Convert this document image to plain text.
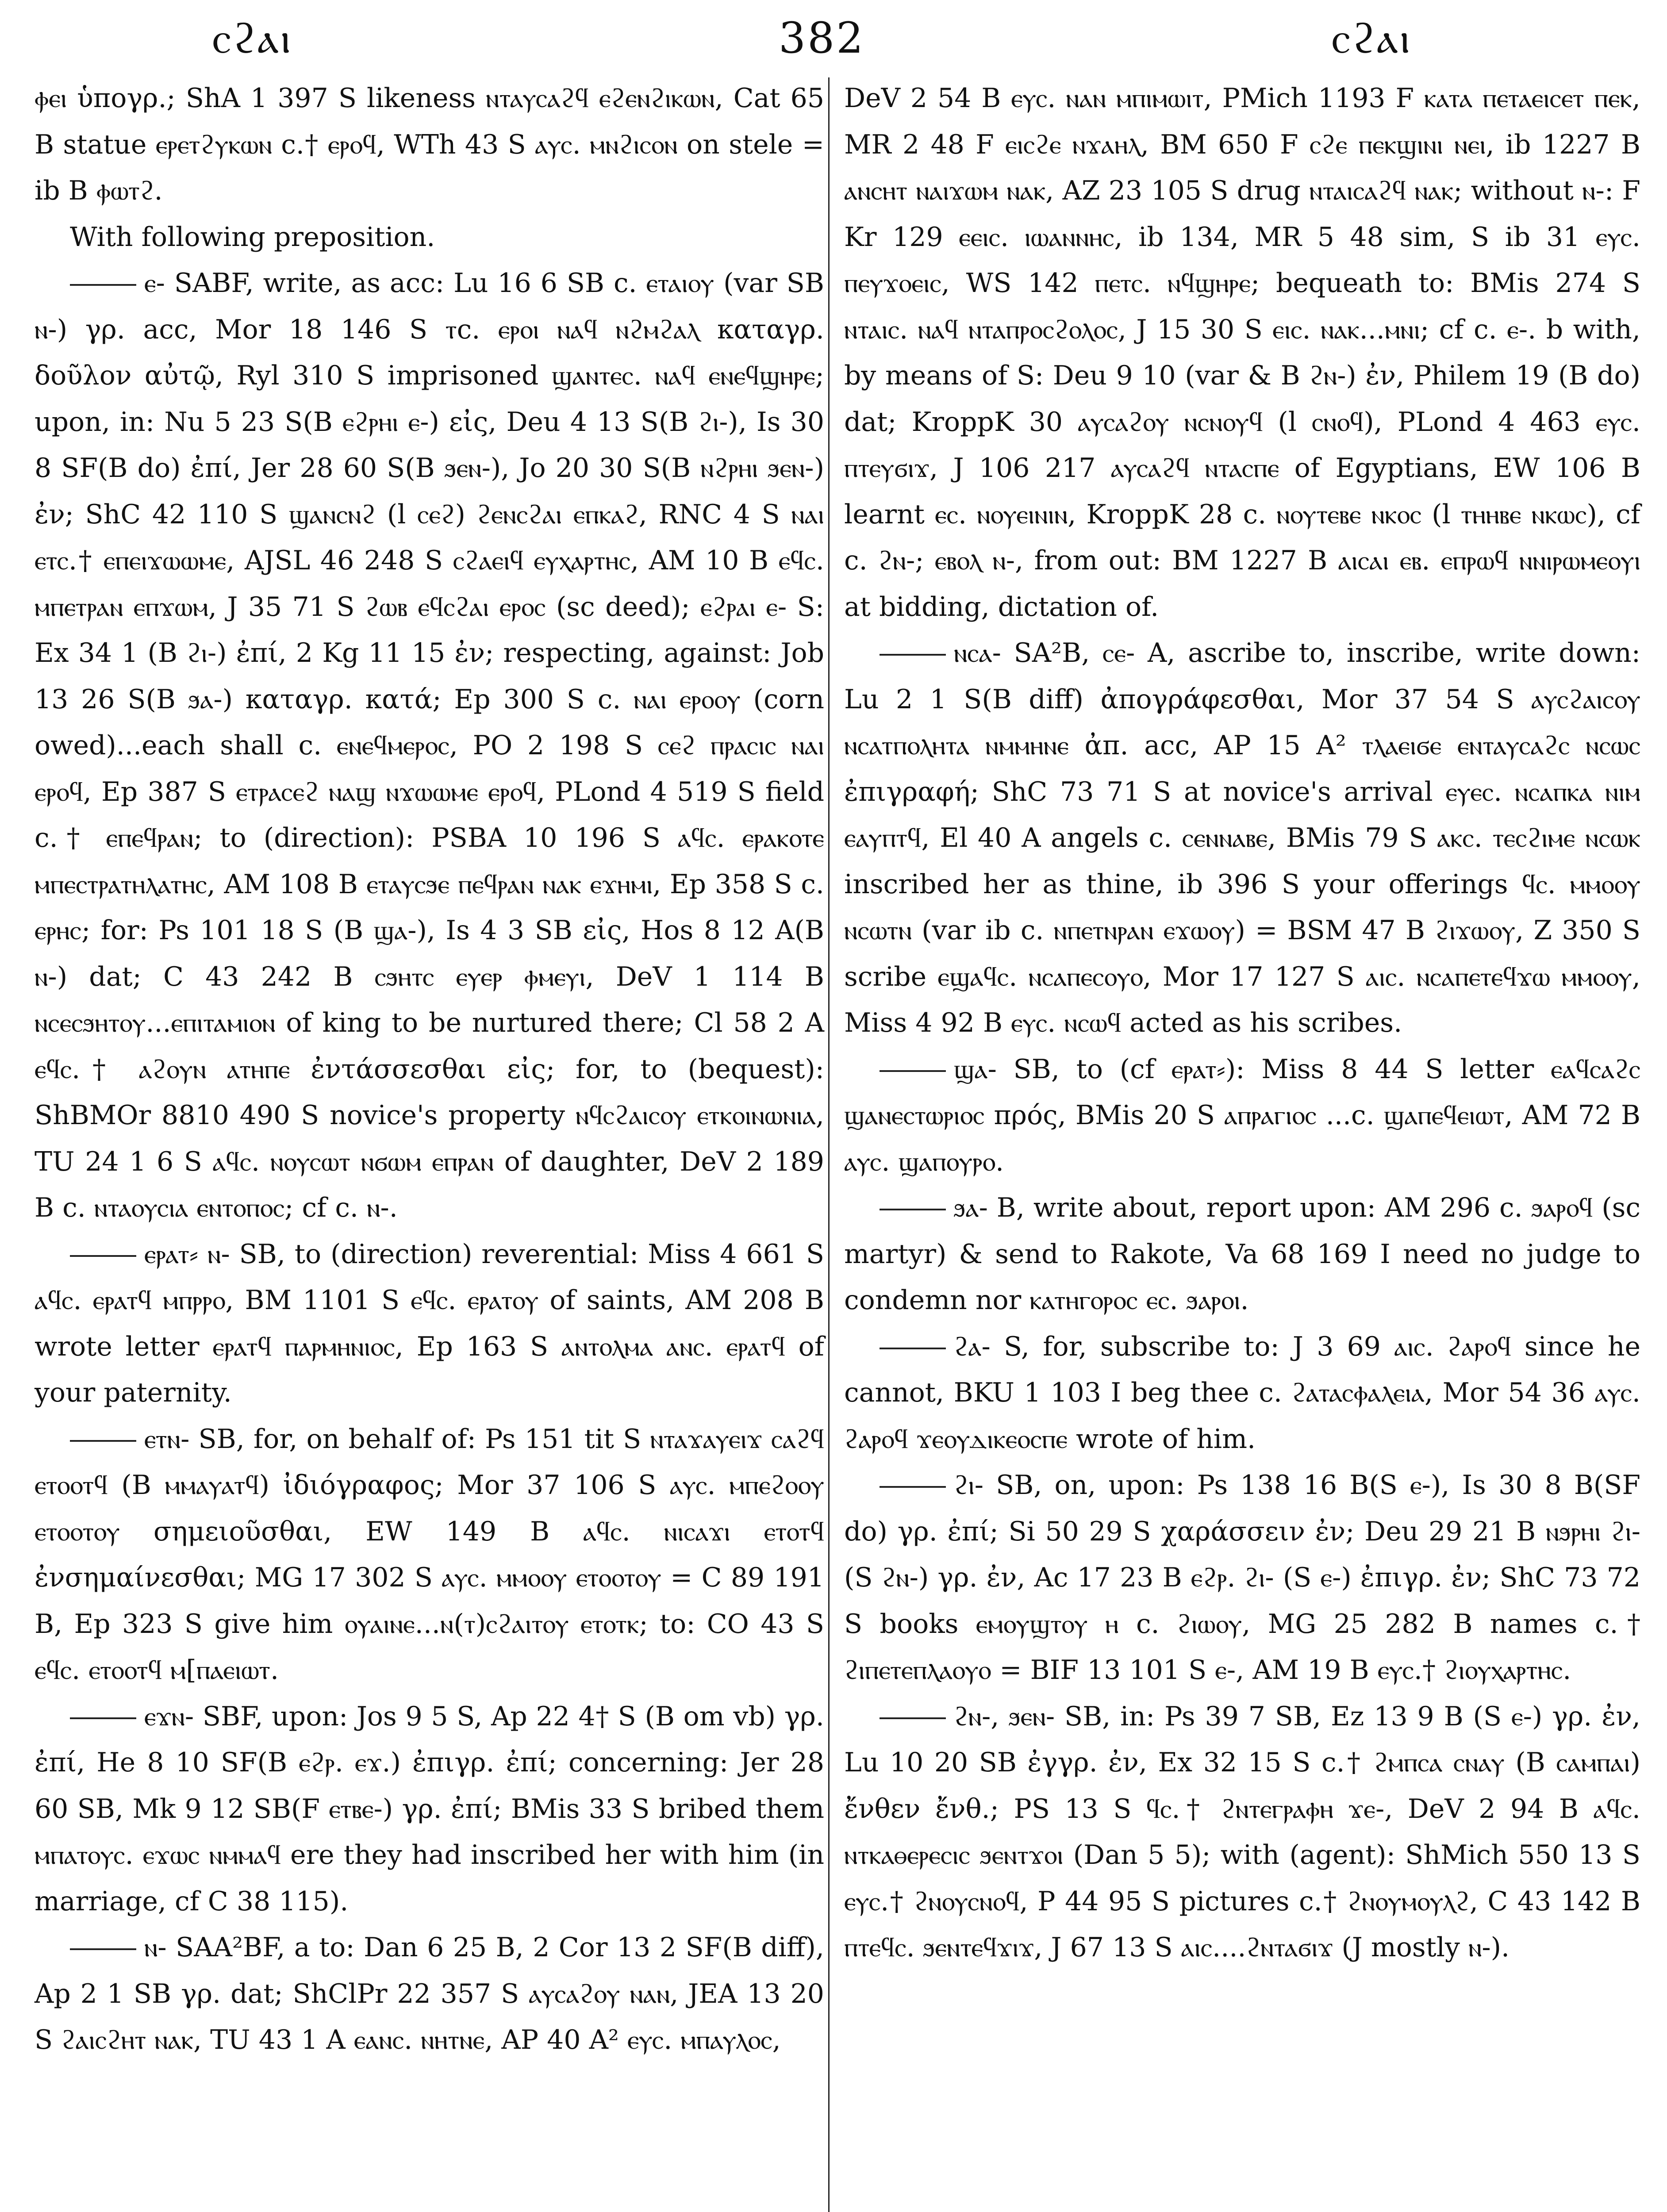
ⲥϩⲁⲓ	382	ⲥϩⲁⲓ

ⲫⲉⲓ ὑπογρ.; ShA 1 397 S likeness ⲛⲧⲁⲩⲥⲁϩϥ ⲉϩⲉⲛϩⲓⲕⲱⲛ, Cat 65 B statue ⲉⲣⲉⲧϩⲩⲕⲱⲛ c.† ⲉⲣⲟϥ, WTh 43 S ⲁⲩⲥ. ⲙⲛϩⲓⲥⲟⲛ on stele = ib B ⲫⲱⲧϩ.

With following preposition.

ⲉ- SABF, write, as acc: Lu 16 6 SB c. ⲉⲧⲁⲓⲟⲩ (var SB ⲛ-) γρ. acc, Mor 18 146 S ⲧc. ⲉⲣⲟⲓ ⲛⲁϥ ⲛϩⲙϩⲁⲗ καταγρ. δοῦλον αὐτῷ, Ryl 310 S imprisoned ϣⲁⲛⲧⲉⲥ. ⲛⲁϥ ⲉⲛⲉϥϣⲏⲣⲉ; upon, in: Nu 5 23 S(B ⲉϩⲣⲏⲓ ⲉ-) εἰς, Deu 4 13 S(B ϩⲓ-), Is 30 8 SF(B do) ἐπί, Jer 28 60 S(B ϧⲉⲛ-), Jo 20 30 S(B ⲛϩⲣⲏⲓ ϧⲉⲛ-) ἐν; ShC 42 110 S ϣⲁⲛⲥⲛϩ (l ⲥⲉϩ) ϩⲉⲛⲥϩⲁⲓ ⲉⲡⲕⲁϩ, RNC 4 S ⲛⲁⲓ ⲉⲧⲥ.† ⲉⲡⲉⲓϫⲱⲱⲙⲉ, AJSL 46 248 S ⲥϩⲁⲉⲓϥ ⲉⲩⲭⲁⲣⲧⲏⲥ, AM 10 B ⲉϥⲥ. ⲙⲡⲉⲧⲣⲁⲛ ⲉⲡϫⲱⲙ, J 35 71 S ϩⲱⲃ ⲉϥⲥϩⲁⲓ ⲉⲣⲟⲥ (sc deed); ⲉϩⲣⲁⲓ ⲉ- S: Ex 34 1 (B ϩⲓ-) ἐπί, 2 Kg 11 15 ἐν; respecting, against: Job 13 26 S(B ϧⲁ-) καταγρ. κατά; Ep 300 S c. ⲛⲁⲓ ⲉⲣⲟⲟⲩ (corn owed)...each shall c. ⲉⲛⲉϥⲙⲉⲣⲟⲥ, PO 2 198 S ⲥⲉϩ ⲡⲣⲁⲥⲓⲥ ⲛⲁⲓ ⲉⲣⲟϥ, Ep 387 S ⲉⲧⲣⲁⲥⲉϩ ⲛⲁϣ ⲛϫⲱⲱⲙⲉ ⲉⲣⲟϥ, PLond 4 519 S field c.† ⲉⲡⲉϥⲣⲁⲛ; to (direction): PSBA 10 196 S ⲁϥⲥ. ⲉⲣⲁⲕⲟⲧⲉ ⲙⲡⲉⲥⲧⲣⲁⲧⲏⲗⲁⲧⲏⲥ, AM 108 B ⲉⲧⲁⲩⲥϧⲉ ⲡⲉϥⲣⲁⲛ ⲛⲁⲕ ⲉϫⲏⲙⲓ, Ep 358 S c. ⲉⲣⲏⲥ; for: Ps 101 18 S (B ϣⲁ-), Is 4 3 SB εἰς, Hos 8 12 A(B ⲛ-) dat; C 43 242 B ⲥϧⲏⲧⲥ ⲉⲩⲉⲣ ⲫⲙⲉⲩⲓ, DeV 1 114 B ⲛⲥⲉⲥϧⲏⲧⲟⲩ...ⲉⲡⲓⲧⲁⲙⲓⲟⲛ of king to be nurtured there; Cl 58 2 A ⲉϥⲥ.† ⲁϩⲟⲩⲛ ⲁⲧⲏⲡⲉ ἐντάσσεσθαι εἰς; for, to (bequest): ShBMOr 8810 490 S novice's property ⲛϥⲥϩⲁⲓⲥⲟⲩ ⲉⲧⲕⲟⲓⲛⲱⲛⲓⲁ, TU 24 1 6 S ⲁϥⲥ. ⲛⲟⲩⲥⲱⲧ ⲛϭⲱⲙ ⲉⲡⲣⲁⲛ of daughter, DeV 2 189 B c. ⲛⲧⲁⲟⲩⲥⲓⲁ ⲉⲛⲧⲟⲡⲟⲥ; cf c. ⲛ-.

ⲉⲣⲁⲧ⸗ ⲛ- SB, to (direction) reverential: Miss 4 661 S ⲁϥⲥ. ⲉⲣⲁⲧϥ ⲙⲡⲣⲣⲟ, BM 1101 S ⲉϥⲥ. ⲉⲣⲁⲧⲟⲩ of saints, AM 208 B wrote letter ⲉⲣⲁⲧϥ ⲡⲁⲣⲙⲏⲛⲓⲟⲥ, Ep 163 S ⲁⲛⲧⲟⲗⲙⲁ ⲁⲛⲥ. ⲉⲣⲁⲧϥ of your paternity.

ⲉⲧⲛ- SB, for, on behalf of: Ps 151 tit S ⲛⲧⲁϫⲁⲩⲉⲓϫ ⲥⲁϩϥ ⲉⲧⲟⲟⲧϥ (B ⲙⲙⲁⲩⲁⲧϥ) ἰδιόγραφος; Mor 37 106 S ⲁⲩⲥ. ⲙⲡⲉϩⲟⲟⲩ ⲉⲧⲟⲟⲧⲟⲩ σημειοῦσθαι, EW 149 B ⲁϥⲥ. ⲛⲓⲥⲁϫⲓ ⲉⲧⲟⲧϥ ἐνσημαίνεσθαι; MG 17 302 S ⲁⲩⲥ. ⲙⲙⲟⲟⲩ ⲉⲧⲟⲟⲧⲟⲩ = C 89 191 B, Ep 323 S give him ⲟⲩⲁⲓⲛⲉ...ⲛ(ⲧ)ⲥϩⲁⲓⲧⲟⲩ ⲉⲧⲟⲧⲕ; to: CO 43 S ⲉϥⲥ. ⲉⲧⲟⲟⲧϥ ⲙ[ⲡⲁⲉⲓⲱⲧ.

ⲉϫⲛ- SBF, upon: Jos 9 5 S, Ap 22 4† S (B om vb) γρ. ἐπί, He 8 10 SF(B ⲉϩⲣ. ⲉϫ.) ἐπιγρ. ἐπί; concerning: Jer 28 60 SB, Mk 9 12 SB(F ⲉⲧⲃⲉ-) γρ. ἐπί; BMis 33 S bribed them ⲙⲡⲁⲧⲟⲩⲥ. ⲉϫⲱⲥ ⲛⲙⲙⲁϥ ere they had inscribed her with him (in marriage, cf C 38 115).

ⲛ- SAA²BF, a to: Dan 6 25 B, 2 Cor 13 2 SF(B diff), Ap 2 1 SB γρ. dat; ShClPr 22 357 S ⲁⲩⲥⲁϩⲟⲩ ⲛⲁⲛ, JEA 13 20 S ϩⲁⲓⲥϩⲏⲧ ⲛⲁⲕ, TU 43 1 A ⲉⲁⲛⲥ. ⲛⲏⲧⲛⲉ, AP 40 A² ⲉⲩⲥ. ⲙⲡⲁⲩⲗⲟⲥ,

DeV 2 54 B ⲉⲩⲥ. ⲛⲁⲛ ⲙⲡⲓⲙⲱⲓⲧ, PMich 1193 F ⲕⲁⲧⲁ ⲡⲉⲧⲁⲉⲓⲥⲉⲧ ⲡⲉⲕ, MR 2 48 F ⲉⲓⲥϩⲉ ⲛϫⲁⲏⲗ, BM 650 F ⲥϩⲉ ⲡⲉⲕϣⲓⲛⲓ ⲛⲉⲓ, ib 1227 B ⲁⲛⲥⲏⲧ ⲛⲁⲓϫⲱⲙ ⲛⲁⲕ, AZ 23 105 S drug ⲛⲧⲁⲓⲥⲁϩϥ ⲛⲁⲕ; without ⲛ-: F Kr 129 ⲉⲉⲓⲥ. ⲓⲱⲁⲛⲛⲏⲥ, ib 134, MR 5 48 sim, S ib 31 ⲉⲩⲥ. ⲡⲉⲩϫⲟⲉⲓⲥ, WS 142 ⲡⲉⲧⲥ. ⲛϥϣⲏⲣⲉ; bequeath to: BMis 274 S ⲛⲧⲁⲓⲥ. ⲛⲁϥ ⲛⲧⲁⲡⲣⲟⲥϩⲟⲗⲟⲥ, J 15 30 S ⲉⲓⲥ. ⲛⲁⲕ...ⲙⲛⲓ; cf c. ⲉ-. b with, by means of S: Deu 9 10 (var & B ϩⲛ-) ἐν, Philem 19 (B do) dat; KroppK 30 ⲁⲩⲥⲁϩⲟⲩ ⲛⲥⲛⲟⲩϥ (l ⲥⲛⲟϥ), PLond 4 463 ⲉⲩⲥ. ⲡⲧⲉⲩϭⲓϫ, J 106 217 ⲁⲩⲥⲁϩϥ ⲛⲧⲁⲥⲡⲉ of Egyptians, EW 106 B learnt ⲉⲥ. ⲛⲟⲩⲉⲓⲛⲓⲛ, KroppK 28 c. ⲛⲟⲩⲧⲉⲃⲉ ⲛⲕⲟⲥ (l ⲧⲏⲏⲃⲉ ⲛⲕⲱⲥ), cf c. ϩⲛ-; ⲉⲃⲟⲗ ⲛ-, from out: BM 1227 B ⲁⲓⲥⲁⲓ ⲉⲃ. ⲉⲡⲣⲱϥ ⲛⲛⲓⲣⲱⲙⲉⲟⲩⲓ at bidding, dictation of.

ⲛⲥⲁ- SA²B, ⲥⲉ- A, ascribe to, inscribe, write down: Lu 2 1 S(B diff) ἀπογράφεσθαι, Mor 37 54 S ⲁⲩⲥϩⲁⲓⲥⲟⲩ ⲛⲥⲁⲧⲡⲟⲗⲏⲧⲁ ⲛⲙⲙⲏⲛⲉ ἀπ. acc, AP 15 A² ⲧⲗⲁⲉⲓϭⲉ ⲉⲛⲧⲁⲩⲥⲁϩⲥ ⲛⲥⲱⲥ ἐπιγραφή; ShC 73 71 S at novice's arrival ⲉⲩⲉⲥ. ⲛⲥⲁⲡⲕⲁ ⲛⲓⲙ ⲉⲁⲩⲡⲧϥ, El 40 A angels c. ⲥⲉⲛⲛⲁⲃⲉ, BMis 79 S ⲁⲕⲥ. ⲧⲉⲥϩⲓⲙⲉ ⲛⲥⲱⲕ inscribed her as thine, ib 396 S your offerings ϥⲥ. ⲙⲙⲟⲟⲩ ⲛⲥⲱⲧⲛ (var ib c. ⲛⲡⲉⲧⲛⲣⲁⲛ ⲉϫⲱⲟⲩ) = BSM 47 B ϩⲓϫⲱⲟⲩ, Z 350 S scribe ⲉϣⲁϥⲥ. ⲛⲥⲁⲡⲉⲥⲟⲩⲟ, Mor 17 127 S ⲁⲓⲥ. ⲛⲥⲁⲡⲉⲧⲉϥϫⲱ ⲙⲙⲟⲟⲩ, Miss 4 92 B ⲉⲩⲥ. ⲛⲥⲱϥ acted as his scribes.

ϣⲁ- SB, to (cf ⲉⲣⲁⲧ⸗): Miss 8 44 S letter ⲉⲁϥⲥⲁϩⲥ ϣⲁⲛⲉⲥⲧⲱⲣⲓⲟⲥ πρός, BMis 20 S ⲁⲡⲣⲁⲅⲓⲟⲥ ...c. ϣⲁⲡⲉϥⲉⲓⲱⲧ, AM 72 B ⲁⲩⲥ. ϣⲁⲡⲟⲩⲣⲟ.

ϧⲁ- B, write about, report upon: AM 296 c. ϧⲁⲣⲟϥ (sc martyr) & send to Rakote, Va 68 169 I need no judge to condemn nor ⲕⲁⲧⲏⲅⲟⲣⲟⲥ ⲉⲥ. ϧⲁⲣⲟⲓ.

ϩⲁ- S, for, subscribe to: J 3 69 ⲁⲓⲥ. ϩⲁⲣⲟϥ since he cannot, BKU 1 103 I beg thee c. ϩⲁⲧⲁⲥⲫⲁⲗⲉⲓⲁ, Mor 54 36 ⲁⲩⲥ. ϩⲁⲣⲟϥ ϫⲉⲟⲩⲇⲓⲕⲉⲟⲥⲡⲉ wrote of him.

ϩⲓ- SB, on, upon: Ps 138 16 B(S ⲉ-), Is 30 8 B(SF do) γρ. ἐπί; Si 50 29 S χαράσσειν ἐν; Deu 29 21 B ⲛϧⲣⲏⲓ ϩⲓ- (S ϩⲛ-) γρ. ἐν, Ac 17 23 B ⲉϩⲣ. ϩⲓ- (S ⲉ-) ἐπιγρ. ἐν; ShC 73 72 S books ⲉⲙⲟⲩϣⲧⲟⲩ ⲏ c. ϩⲓⲱⲟⲩ, MG 25 282 B names c.† ϩⲓⲡⲉⲧⲉⲡⲗⲁⲟⲩⲟ = BIF 13 101 S ⲉ-, AM 19 B ⲉⲩⲥ.† ϩⲓⲟⲩⲭⲁⲣⲧⲏⲥ.

ϩⲛ-, ϧⲉⲛ- SB, in: Ps 39 7 SB, Ez 13 9 B (S ⲉ-) γρ. ἐν, Lu 10 20 SB ἐγγρ. ἐν, Ex 32 15 S c.† ϩⲙⲡⲥⲁ ⲥⲛⲁⲩ (B ⲥⲁⲙⲡⲁⲓ) ἔνθεν ἔνθ.; PS 13 S ϥⲥ.† ϩⲛⲧⲉⲅⲣⲁⲫⲏ ϫⲉ-, DeV 2 94 B ⲁϥⲥ. ⲛⲧⲕⲁⲑⲉⲣⲉⲥⲓⲥ ϧⲉⲛⲧϫⲟⲓ (Dan 5 5); with (agent): ShMich 550 13 S ⲉⲩⲥ.† ϩⲛⲟⲩⲥⲛⲟϥ, P 44 95 S pictures c.† ϩⲛⲟⲩⲙⲟⲩⲗϩ, C 43 142 B ⲡⲧⲉϥⲥ. ϧⲉⲛⲧⲉϥϫⲓϫ, J 67 13 S ⲁⲓⲥ....ϩⲛⲧⲁϭⲓϫ (J mostly ⲛ-).
